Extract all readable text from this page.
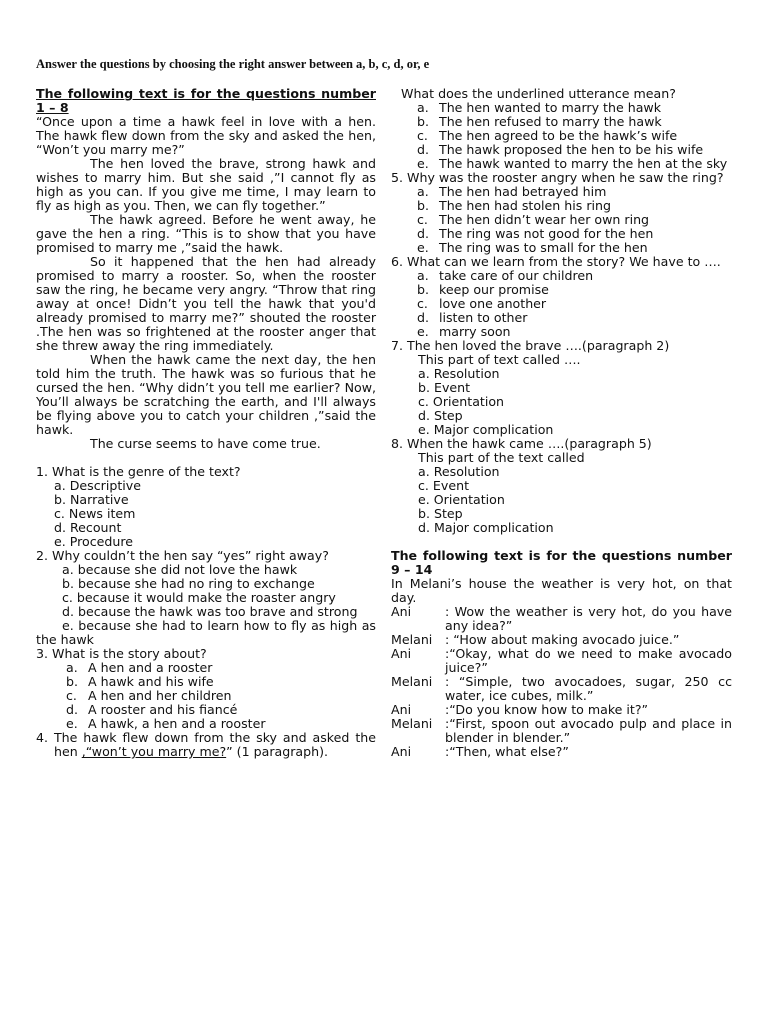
Answer the questions by choosing the right answer between a, b, c, d, or, e
The following text is for the questions number 1 – 8
“Once upon a time a hawk feel in love with a hen. The hawk flew down from the sky and asked the hen, “Won’t you marry me?”
The hen loved the brave, strong hawk and wishes to marry him. But she said ,”I cannot fly as high as you can. If you give me time, I may learn to fly as high as you. Then, we can fly together.”
The hawk agreed. Before he went away, he gave the hen a ring. “This is to show that you have promised to marry me ,”said the hawk.
So it happened that the hen had already promised to marry a rooster. So, when the rooster saw the ring, he became very angry. “Throw that ring away at once! Didn’t you tell the hawk that you'd already promised to marry me?” shouted the rooster .The hen was so frightened at the rooster anger that she threw away the ring immediately.
When the hawk came the next day, the hen told him the truth. The hawk was so furious that he cursed the hen. “Why didn’t you tell me earlier? Now, You’ll always be scratching the earth, and I'll always be flying above you to catch your children ,”said the hawk.
The curse seems to have come true.
1. What is the genre of the text?
a. Descriptive
b. Narrative
c. News item
d. Recount
e. Procedure
2. Why couldn’t the hen say “yes” right away?
a. because she did not love the hawk
b. because she had no ring to exchange
c. because it would make the roaster angry
d. because the hawk was too brave and strong
e. because she had to learn how to fly as high as the hawk
3. What is the story about?
a. A hen and a rooster
b. A hawk and his wife
c. A hen and her children
d. A rooster and his fiancé
e. A hawk, a hen and a rooster
4. The hawk flew down from the sky and asked the hen ,“won’t you marry me?” (1 paragraph).
What does the underlined utterance mean?
a. The hen wanted to marry the hawk
b. The hen refused to marry the hawk
c. The hen agreed to be the hawk’s wife
d. The hawk proposed the hen to be his wife
e. The hawk wanted to marry the hen at the sky
5. Why was the rooster angry when he saw the ring?
a. The hen had betrayed him
b. The hen had stolen his ring
c. The hen didn’t wear her own ring
d. The ring was not good for the hen
e. The ring was to small for the hen
6. What can we learn from the story? We have to ….
a. take care of our children
b. keep our promise
c. love one another
d. listen to other
e. marry soon
7. The hen loved the brave ….(paragraph 2)
This part of text called ….
a. Resolution
b. Event
c. Orientation
d. Step
e. Major complication
8. When the hawk came ….(paragraph 5)
This part of the text called
a. Resolution
c. Event
e. Orientation
b. Step
d. Major complication
The following text is for the questions number 9 – 14
In Melani’s house the weather is very hot, on that day.
Ani	: Wow the weather is very hot, do you have any idea?”
Melani	: “How about making avocado juice.”
Ani	:“Okay, what do we need to make avocado juice?”
Melani	: “Simple, two avocadoes, sugar, 250 cc water, ice cubes, milk.”
Ani	:“Do you know how to make it?”
Melani	:“First, spoon out avocado pulp and place in blender in blender.”
Ani	:“Then, what else?”
